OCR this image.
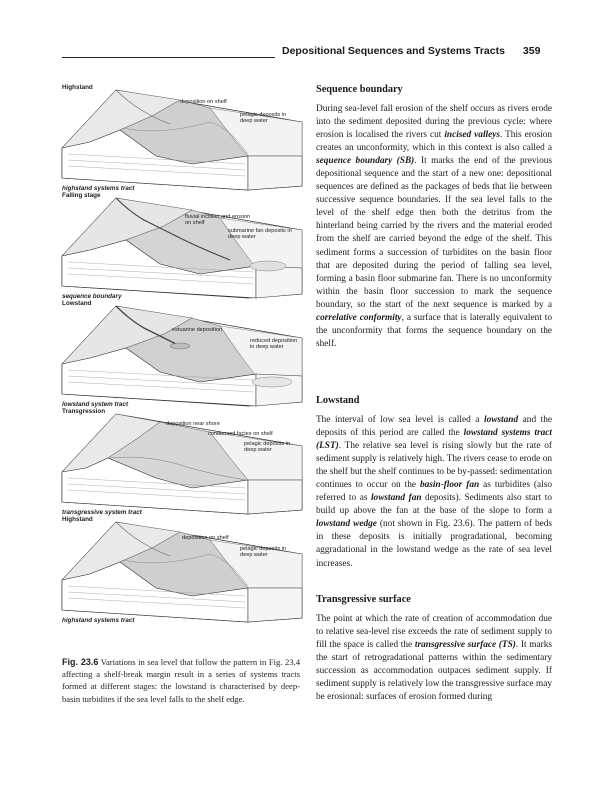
Depositional Sequences and Systems Tracts 359
Highstand
deposition on shelf
pelagic deposits in deep water
highstand systems tract
Falling stage
fluvial incision and erosion on shelf
submarine fan deposits in deep water
sequence boundary
Lowstand
estuarine deposition
reduced deposition in deep water
lowstand system tract
Transgression
deposition near shore
condensed facies on shelf
pelagic deposits in deep water
transgressive system tract
Highstand
deposition on shelf
pelagic deposits in deep water
highstand systems tract
Fig. 23.6 Variations in sea level that follow the pattern in Fig. 23.4 affecting a shelf-break margin result in a series of systems tracts formed at different stages: the lowstand is characterised by deep-basin turbidites if the sea level falls to the shelf edge.
Sequence boundary

During sea-level fall erosion of the shelf occurs as rivers erode into the sediment deposited during the previous cycle: where erosion is localised the rivers cut incised valleys. This erosion creates an unconformity, which in this context is also called a sequence boundary (SB). It marks the end of the previous depositional sequence and the start of a new one: depositional sequences are defined as the packages of beds that lie between successive sequence boundaries. If the sea level falls to the level of the shelf edge then both the detritus from the hinterland being carried by the rivers and the material eroded from the shelf are carried beyond the edge of the shelf. This sediment forms a succession of turbidites on the basin floor that are deposited during the period of falling sea level, forming a basin floor submarine fan. There is no unconformity within the basin floor succession to mark the sequence boundary, so the start of the next sequence is marked by a correlative conformity, a surface that is laterally equivalent to the unconformity that forms the sequence boundary on the shelf.

Lowstand

The interval of low sea level is called a lowstand and the deposits of this period are called the lowstand systems tract (LST). The relative sea level is rising slowly but the rate of sediment supply is relatively high. The rivers cease to erode on the shelf but the shelf continues to be by-passed: sedimentation continues to occur on the basin-floor fan as turbidites (also referred to as lowstand fan deposits). Sediments also start to build up above the fan at the base of the slope to form a lowstand wedge (not shown in Fig. 23.6). The pattern of beds in these deposits is initially progradational, becoming aggradational in the lowstand wedge as the rate of sea level increases.

Transgressive surface

The point at which the rate of creation of accommodation due to relative sea-level rise exceeds the rate of sediment supply to fill the space is called the transgressive surface (TS). It marks the start of retrogradational patterns within the sedimentary succession as accommodation outpaces sediment supply. If sediment supply is relatively low the transgressive surface may be erosional: surfaces of erosion formed during
